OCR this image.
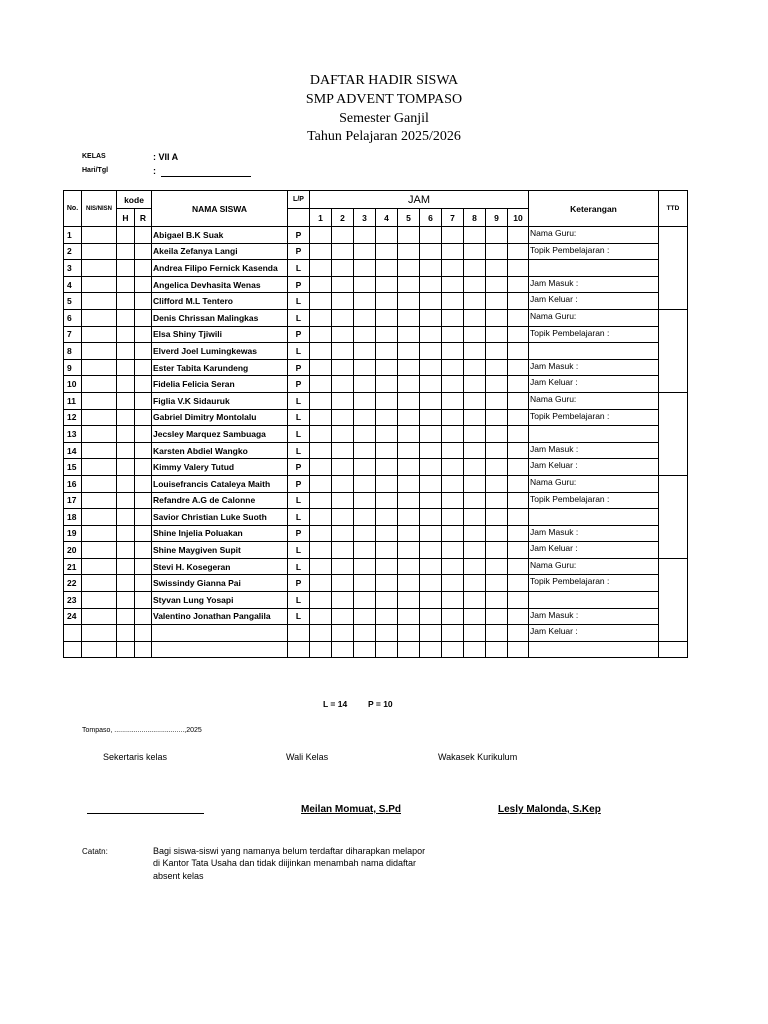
DAFTAR HADIR SISWA
SMP ADVENT TOMPASO
Semester Ganjil
Tahun Pelajaran 2025/2026
KELAS	: VII A
Hari/Tgl	:
No.	NIS/NISN	kode		NAMA SISWA	L/P	JAM										Keterangan	TTD
		H	R			1	2	3	4	5	6	7	8	9	10		
1				Abigael B.K Suak	P											Nama Guru:	
2				Akeila Zefanya Langi	P											Topik Pembelajaran :	
3				Andrea Filipo Fernick Kasenda	L												
4				Angelica Devhasita Wenas	P											Jam Masuk :	
5				Clifford M.L Tentero	L											Jam Keluar :	
6				Denis Chrissan Malingkas	L											Nama Guru:	
7				Elsa Shiny Tjiwili	P											Topik Pembelajaran :	
8				Elverd Joel Lumingkewas	L												
9				Ester Tabita Karundeng	P											Jam Masuk :	
10				Fidelia Felicia Seran	P											Jam Keluar :	
11				Figlia V.K Sidauruk	L											Nama Guru:	
12				Gabriel Dimitry Montolalu	L											Topik Pembelajaran :	
13				Jecsley Marquez Sambuaga	L												
14				Karsten Abdiel Wangko	L											Jam Masuk :	
15				Kimmy Valery Tutud	P											Jam Keluar :	
16				Louisefrancis Cataleya Maith	P											Nama Guru:	
17				Refandre A.G de Calonne	L											Topik Pembelajaran :	
18				Savior Christian Luke Suoth	L												
19				Shine Injelia Poluakan	P											Jam Masuk :	
20				Shine Maygiven Supit	L											Jam Keluar :	
21				Stevi H. Kosegeran	L											Nama Guru:	
22				Swissindy Gianna Pai	P											Topik Pembelajaran :	
23				Styvan Lung Yosapi	L												
24				Valentino Jonathan Pangalila	L											Jam Masuk :	
																Jam Keluar :	

L = 14 P = 10
Tompaso, ....................................,2025
Sekertaris kelas	Wali Kelas	Wakasek Kurikulum
Meilan Momuat, S.Pd	Lesly Malonda, S.Kep
Catatn:	Bagi siswa-siswi yang namanya belum terdaftar diharapkan melapor
di Kantor Tata Usaha dan tidak diijinkan menambah nama didaftar
absent kelas
